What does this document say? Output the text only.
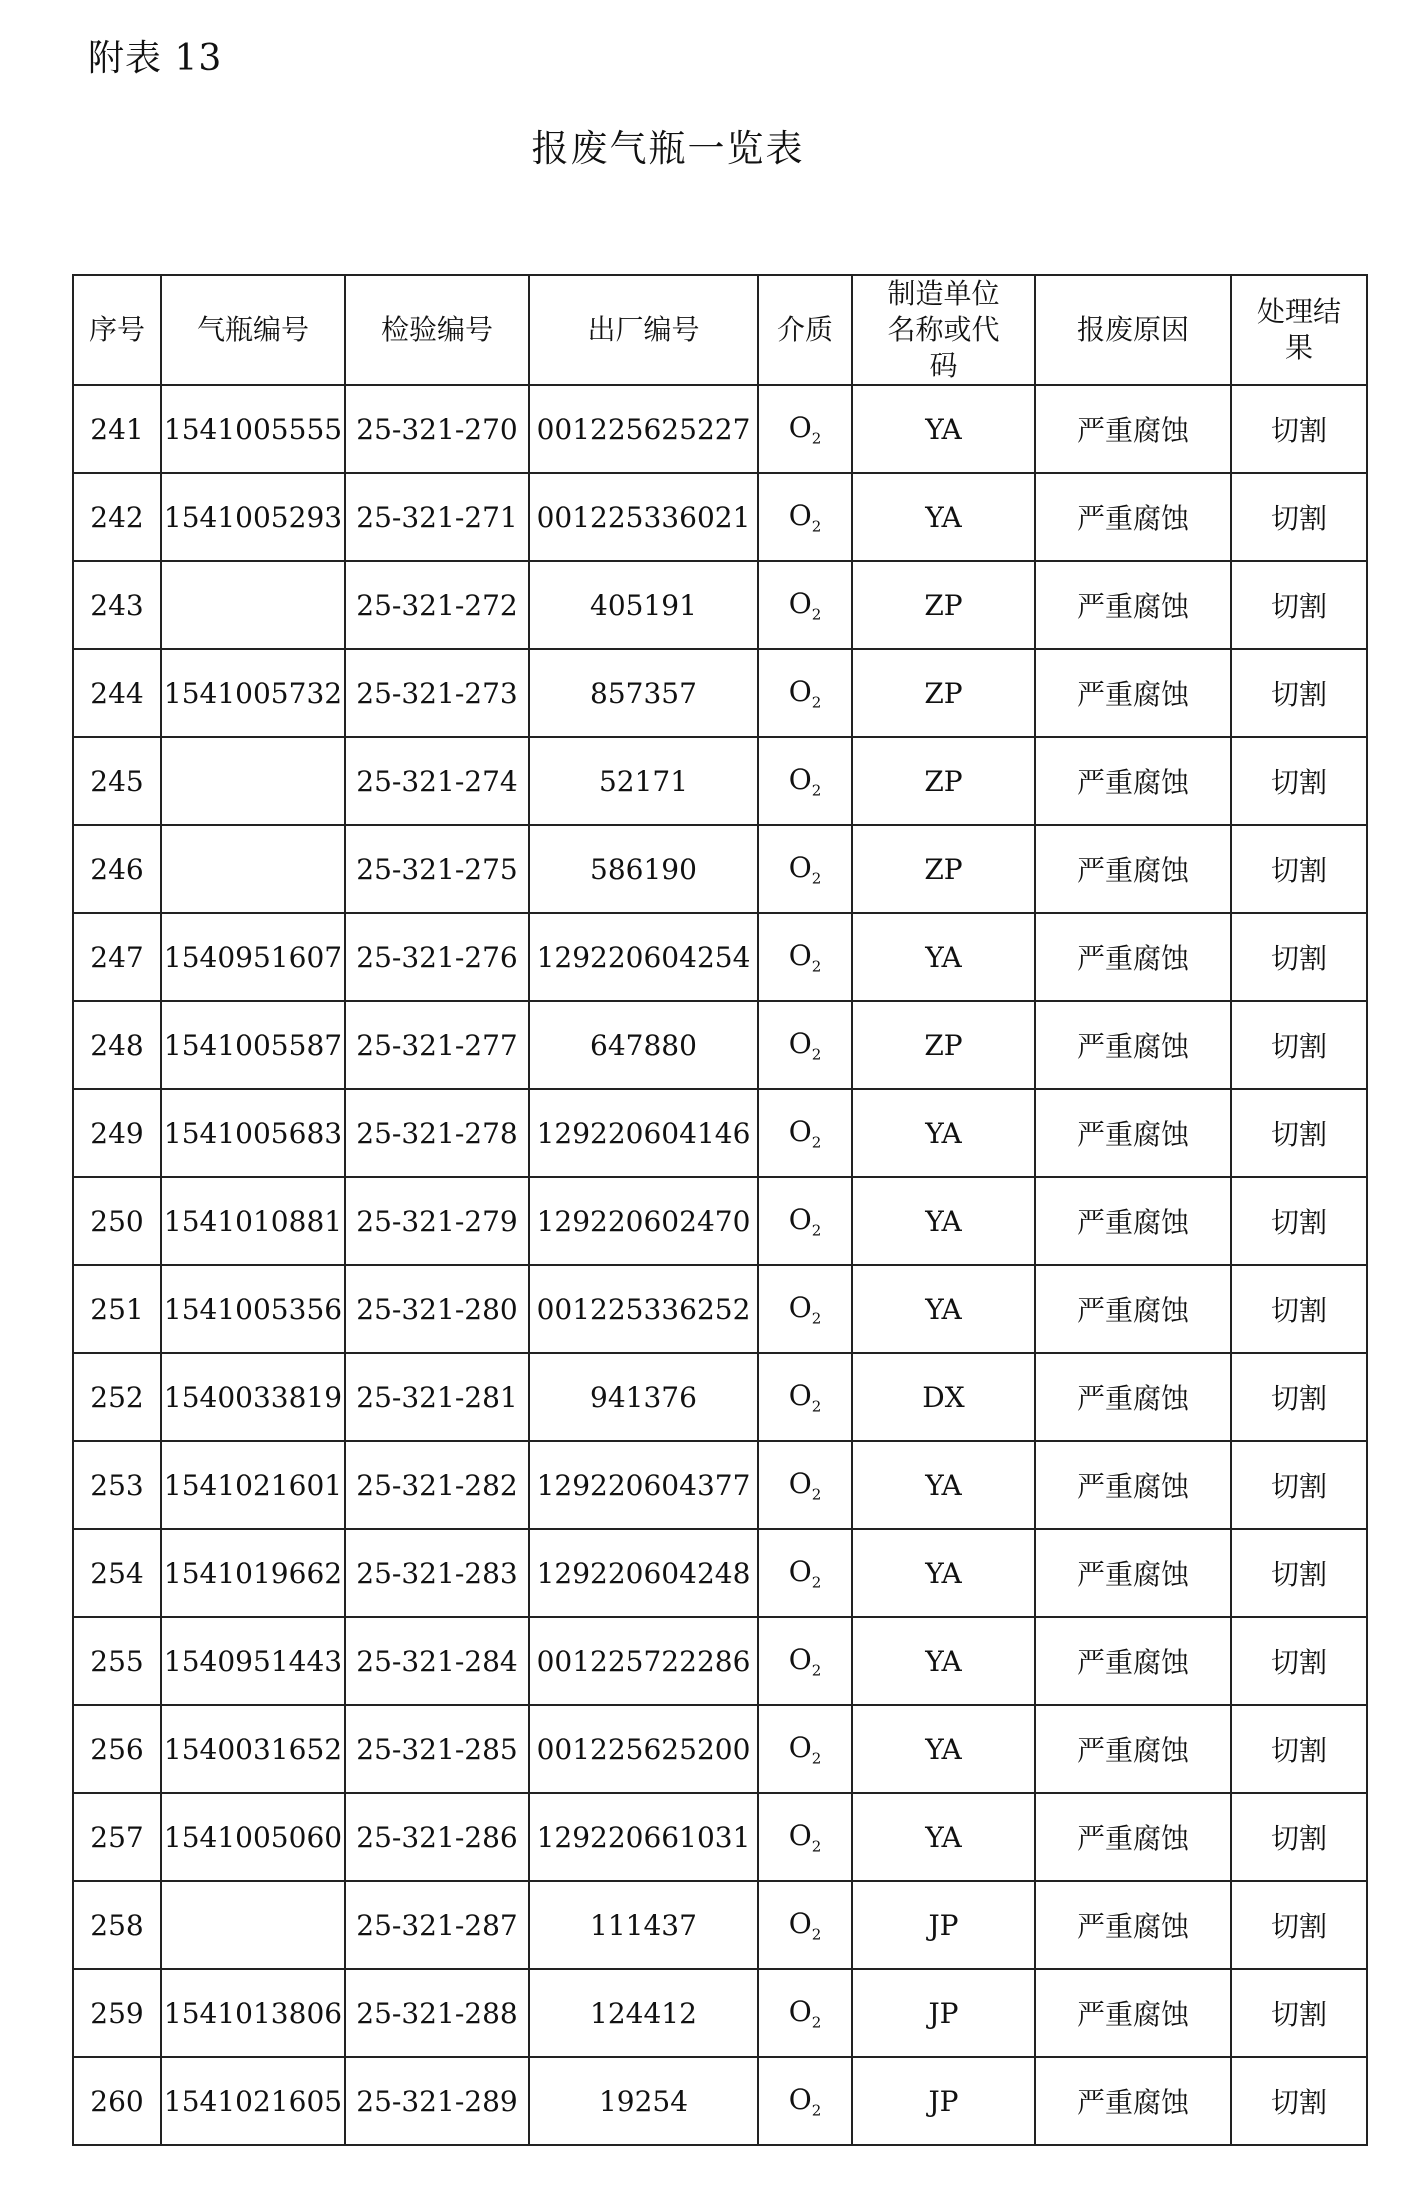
附表 13
报废气瓶一览表
序号	气瓶编号	检验编号	出厂编号	介质	制造单位名称或代码	报废原因	处理结果
241	1541005555	25-321-270	001225625227	$O_2$	YA	严重腐蚀	切割
242	1541005293	25-321-271	001225336021	$O_2$	YA	严重腐蚀	切割
243		25-321-272	405191	$O_2$	ZP	严重腐蚀	切割
244	1541005732	25-321-273	857357	$O_2$	ZP	严重腐蚀	切割
245		25-321-274	52171	$O_2$	ZP	严重腐蚀	切割
246		25-321-275	586190	$O_2$	ZP	严重腐蚀	切割
247	1540951607	25-321-276	129220604254	$O_2$	YA	严重腐蚀	切割
248	1541005587	25-321-277	647880	$O_2$	ZP	严重腐蚀	切割
249	1541005683	25-321-278	129220604146	$O_2$	YA	严重腐蚀	切割
250	1541010881	25-321-279	129220602470	$O_2$	YA	严重腐蚀	切割
251	1541005356	25-321-280	001225336252	$O_2$	YA	严重腐蚀	切割
252	1540033819	25-321-281	941376	$O_2$	DX	严重腐蚀	切割
253	1541021601	25-321-282	129220604377	$O_2$	YA	严重腐蚀	切割
254	1541019662	25-321-283	129220604248	$O_2$	YA	严重腐蚀	切割
255	1540951443	25-321-284	001225722286	$O_2$	YA	严重腐蚀	切割
256	1540031652	25-321-285	001225625200	$O_2$	YA	严重腐蚀	切割
257	1541005060	25-321-286	129220661031	$O_2$	YA	严重腐蚀	切割
258		25-321-287	111437	$O_2$	JP	严重腐蚀	切割
259	1541013806	25-321-288	124412	$O_2$	JP	严重腐蚀	切割
260	1541021605	25-321-289	19254	$O_2$	JP	严重腐蚀	切割
